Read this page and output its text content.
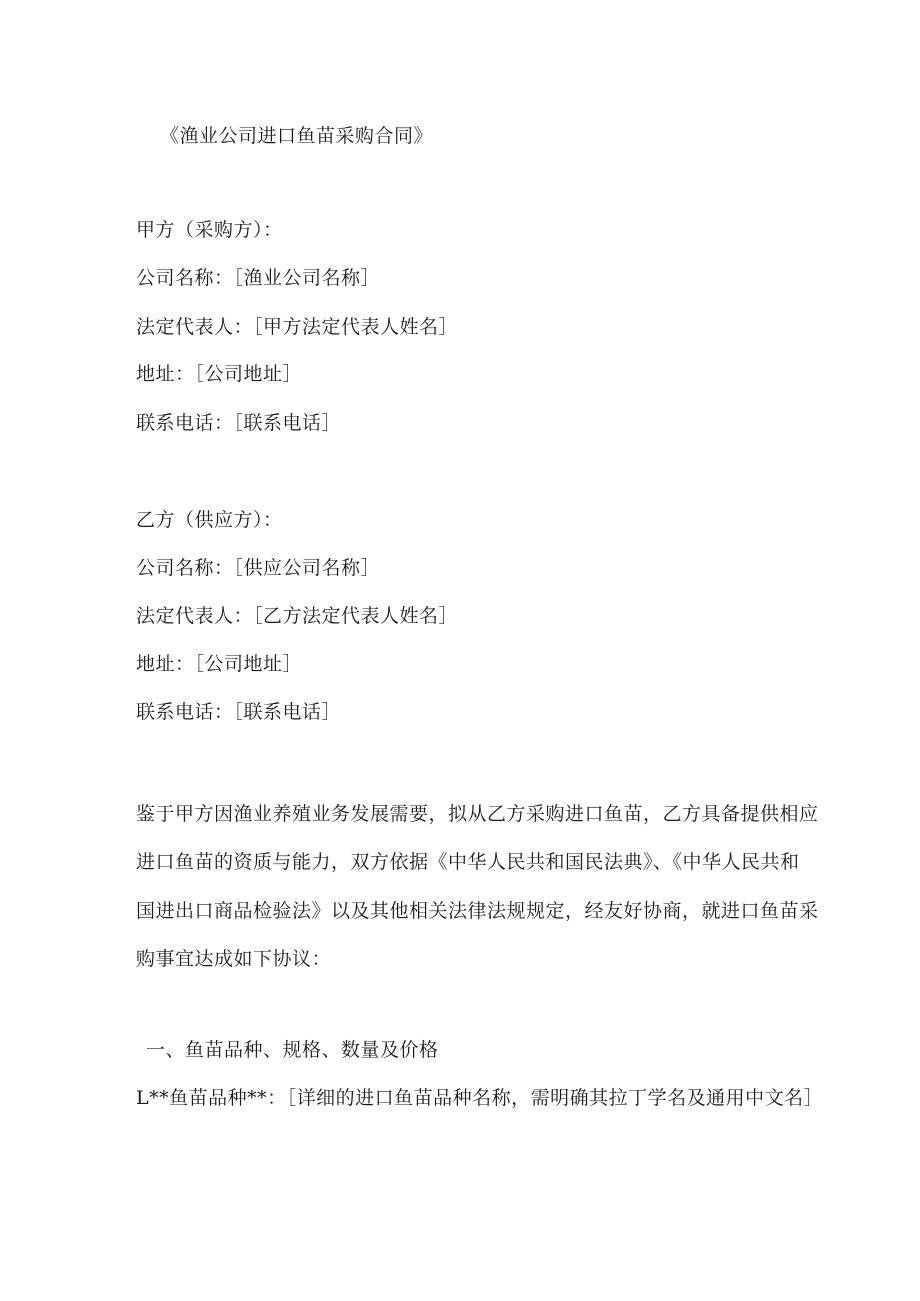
《渔业公司进口鱼苗采购合同》
甲方（采购方）：
公司名称：［渔业公司名称］
法定代表人：［甲方法定代表人姓名］
地址：［公司地址］
联系电话：［联系电话］
乙方（供应方）：
公司名称：［供应公司名称］
法定代表人：［乙方法定代表人姓名］
地址：［公司地址］
联系电话：［联系电话］
鉴于甲方因渔业养殖业务发展需要，拟从乙方采购进口鱼苗，乙方具备提供相应
进口鱼苗的资质与能力，双方依据《中华人民共和国民法典》、《中华人民共和
国进出口商品检验法》以及其他相关法律法规规定，经友好协商，就进口鱼苗采
购事宜达成如下协议：
一、鱼苗品种、规格、数量及价格
L**鱼苗品种**：［详细的进口鱼苗品种名称，需明确其拉丁学名及通用中文名］
